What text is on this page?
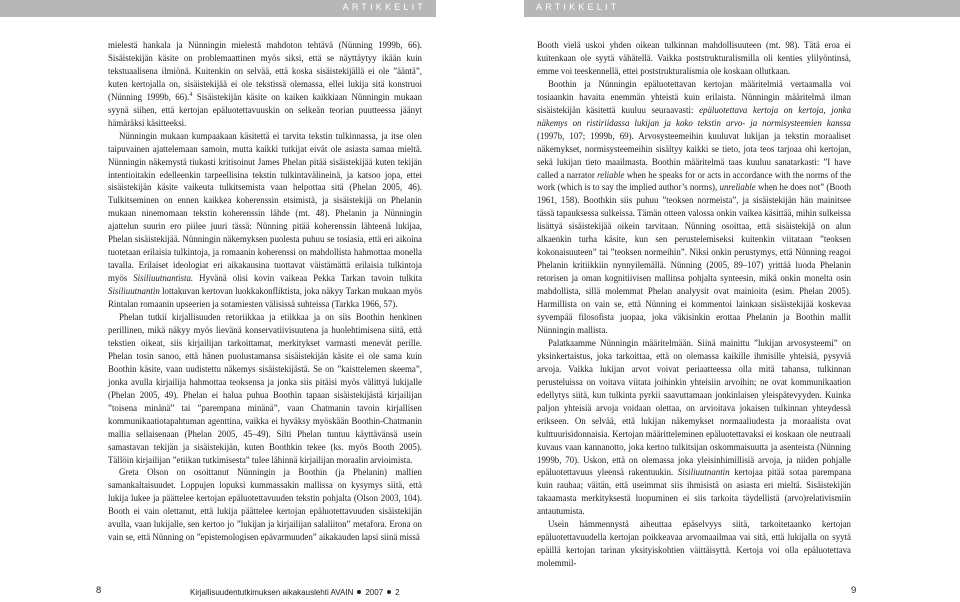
ARTIKKELIT	ARTIKKELIT

mielestä hankala ja Nünningin mielestä mahdoton tehtävä (Nünning 1999b, 66). Sisäistekijän käsite on problemaattinen myös siksi, että se näyttäytyy ikään kuin tekstuaalisena ilmiönä. Kuitenkin on selvää, että koska sisäistekijällä ei ole ”ääntä”, kuten kertojalla on, sisäistekijää ei ole tekstissä olemassa, ellei lukija sitä konstruoi (Nünning 1999b, 66).$^4$ Sisäistekijän käsite on kaiken kaikkiaan Nünningin mukaan syynä siihen, että kertojan epäluotettavuuskin on selkeän teorian puutteessa jäänyt hämäräksi käsitteeksi.

Nünningin mukaan kumpaakaan käsitettä ei tarvita tekstin tulkinnassa, ja itse olen taipuvainen ajattelemaan samoin, mutta kaikki tutkijat eivät ole asiasta samaa mieltä. Nünningin näkemystä tiukasti kritisoinut James Phelan pitää sisäistekijää kuten tekijän intentioitakin edelleenkin tarpeellisina tekstin tulkintavälineinä, ja katsoo jopa, ettei sisäistekijän käsite vaikeuta tulkitsemista vaan helpottaa sitä (Phelan 2005, 46). Tulkitseminen on ennen kaikkea koherenssin etsimistä, ja sisäistekijä on Phelanin mukaan ninemomaan tekstin koherenssin lähde (mt. 48). Phelanin ja Nünningin ajattelun suurin ero piilee juuri tässä: Nünning pitää koherenssin lähteenä lukijaa, Phelan sisäistekijää. Nünningin näkemyksen puolesta puhuu se tosiasia, että eri aikoina tuotetaan erilaisia tulkintoja, ja romaanin koherenssi on mahdollista hahmottaa monella tavalla. Erilaiset ideologiat eri aikakausina tuottavat väistämättä erilaisia tulkintoja myös Sisiliuutnantista. Hyvänä olisi kovin vaikeaa Pekka Tarkan tavoin tulkita Sisiliuutnantin lottakuvan kertovan luokkakonfliktista, joka näkyy Tarkan mukaan myös Rintalan romaanin upseerien ja sotamiesten välisissä suhteissa (Tarkka 1966, 57).

Phelan tutkii kirjallisuuden retoriikkaa ja etiikkaa ja on siis Boothin henkinen perillinen, mikä näkyy myös lievänä konservatiivisuutena ja huolehtimisena siitä, että tekstien oikeat, siis kirjailijan tarkoittamat, merkitykset varmasti menevät perille. Phelan tosin sanoo, että hänen puolustamansa sisäistekijän käsite ei ole sama kuin Boothin käsite, vaan uudistettu näkemys sisäistekijästä. Se on ”kaisttelemen skeema”, jonka avulla kirjailija hahmottaa teoksensa ja jonka siis pitäisi myös välittyä lukijalle (Phelan 2005, 49). Phelan ei halua puhua Boothin tapaan sisäistekijästä kirjailijan ”toisena minänä” tai ”parempana minänä”, vaan Chatmanin tavoin kirjallisen kommunikaatiotapahtuman agenttina, vaikka ei hyväksy myöskään Boothin-Chatmanin mallia sellaisenaan (Phelan 2005, 45–49). Silti Phelan tuntuu käyttävänsä usein samastavan tekijän ja sisäistekijän, kuten Boothkin tekee (ks. myös Booth 2005). Tällöin kirjailijan ”etiikan tutkimisesta” tulee lähinnä kirjailijan moraalin arvioimista.

Greta Olson on osoittanut Nünningin ja Boothin (ja Phelanin) mallien samankaltaisuudet. Loppujen lopuksi kummassakin mallissa on kysymys siitä, että lukija lukee ja päättelee kertojan epäluotettavuuden tekstin pohjalta (Olson 2003, 104). Booth ei vain olettanut, että lukija päättelee kertojan epäluotettavuuden sisäistekijän avulla, vaan lukijalle, sen kertoo jo ”lukijan ja kirjailijan salaliiton” metafora. Erona on vain se, että Nünning on ”epistemologisen epävarmuuden” aikakauden lapsi siinä missä

Booth vielä uskoi yhden oikean tulkinnan mahdollisuuteen (mt. 98). Tätä eroa ei kuitenkaan ole syytä vähätellä. Vaikka poststrukturalismilla oli kenties ylilyöntinsä, emme voi teeskennellä, ettei poststrukturalismia ole koskaan ollutkaan.

Boothin ja Nünningin epäluotettavan kertojan määritelmiä vertaamalla voi tosiaankin havaita enemmän yhteistä kuin erilaista. Nünningin määritelmä ilman sisäistekijän käsitettä kuuluu seuraavasti: epäluotettava kertoja on kertoja, jonka näkemys on ristiriidassa lukijan ja koko tekstin arvo- ja normisysteemien kanssa (1997b, 107; 1999b, 69). Arvosysteemeihin kuuluvat lukijan ja tekstin moraaliset näkemykset, normisysteemeihin sisältyy kaikki se tieto, jota teos tarjoaa ohi kertojan, sekä lukijan tieto maailmasta. Boothin määritelmä taas kuuluu sanatarkasti: ”I have called a narrator reliable when he speaks for or acts in accordance with the norms of the work (which is to say the implied author’s norms), unreliable when he does not” (Booth 1961, 158). Boothkin siis puhuu ”teoksen normeista”, ja sisäistekijän hän mainitsee tässä tapauksessa sulkeissa. Tämän otteen valossa onkin vaikea käsittää, mihin sulkeissa lisättyä sisäistekijää oikein tarvitaan. Nünning osoittaa, että sisäistekijä on alun alkaenkin turha käsite, kun sen perustelemiseksi kuitenkin viitataan ”teoksen kokonaisuuteen” tai ”teoksen normeihin”. Niksi onkin perustymys, että Nünning reagoi Phelanin kritiikkiin nynnyilemällä. Nünning (2005, 89–107) yrittää luoda Phelanin retorisen ja oman kognitiivisen mallinsa pohjalta synteesin, mikä onkin monelta osin mahdollista, sillä molemmat Phelan analyysit ovat mainioita (esim. Phelan 2005). Harmillista on vain se, että Nünning ei kommentoi lainkaan sisäistekijää koskevaa syvempää filosofista juopaa, joka väkisinkin erottaa Phelanin ja Boothin mallit Nünningin mallista.

Palatkaamme Nünningin määritelmään. Siinä mainittu ”lukijan arvosysteemi” on yksinkertaistus, joka tarkoittaa, että on olemassa kaikille ihmisille yhteisiä, pysyviä arvoja. Vaikka lukijan arvot voivat periaatteessa olla mitä tahansa, tulkinnan perusteluissa on voitava viitata joihinkin yhteisiin arvoihin; ne ovat kommunikaation edellytys siitä, kun tulkinta pyrkii saavuttamaan jonkinlaisen yleispätevyyden. Kuinka paljon yhteisiä arvoja voidaan olettaa, on arvioitava jokaisen tulkinnan yhteydessä erikseen. On selvää, että lukijan näkemykset normaaliudesta ja moraalista ovat kulttuurisidonnaisia. Kertojan määritteleminen epäluotettavaksi ei koskaan ole neutraali kuvaus vaan kannanotto, joka kertoo tulkitsijan oskommaisuutta ja asenteista (Nünning 1999b, 70). Uskon, että on olemassa joka yleisinhimillisiä arvoja, ja niiden pohjalle epäluotettavuus yleensä rakentuukin. Sisiliuutnantin kertojaa pitää sotaa parempana kuin rauhaa; väitän, että useimmat siis ihmisistä on asiasta eri mieltä. Sisäistekijän takaamasta merkityksestä luopuminen ei siis tarkoita täydellistä (arvo)relativismiin antautumista.

Usein hämmennystä aiheuttaa epäselvyys siitä, tarkoitetaanko kertojan epäluotettavuudella kertojan poikkeavaa arvomaailmaa vai sitä, että lukijalla on syytä epäillä kertojan tarinan yksityiskohtien väittäisyttä. Kertoja voi olla epäluotettava molemmil-

8	Kirjallisuudentutkimuksen aikakauslehti AVAIN 2007 2	9
